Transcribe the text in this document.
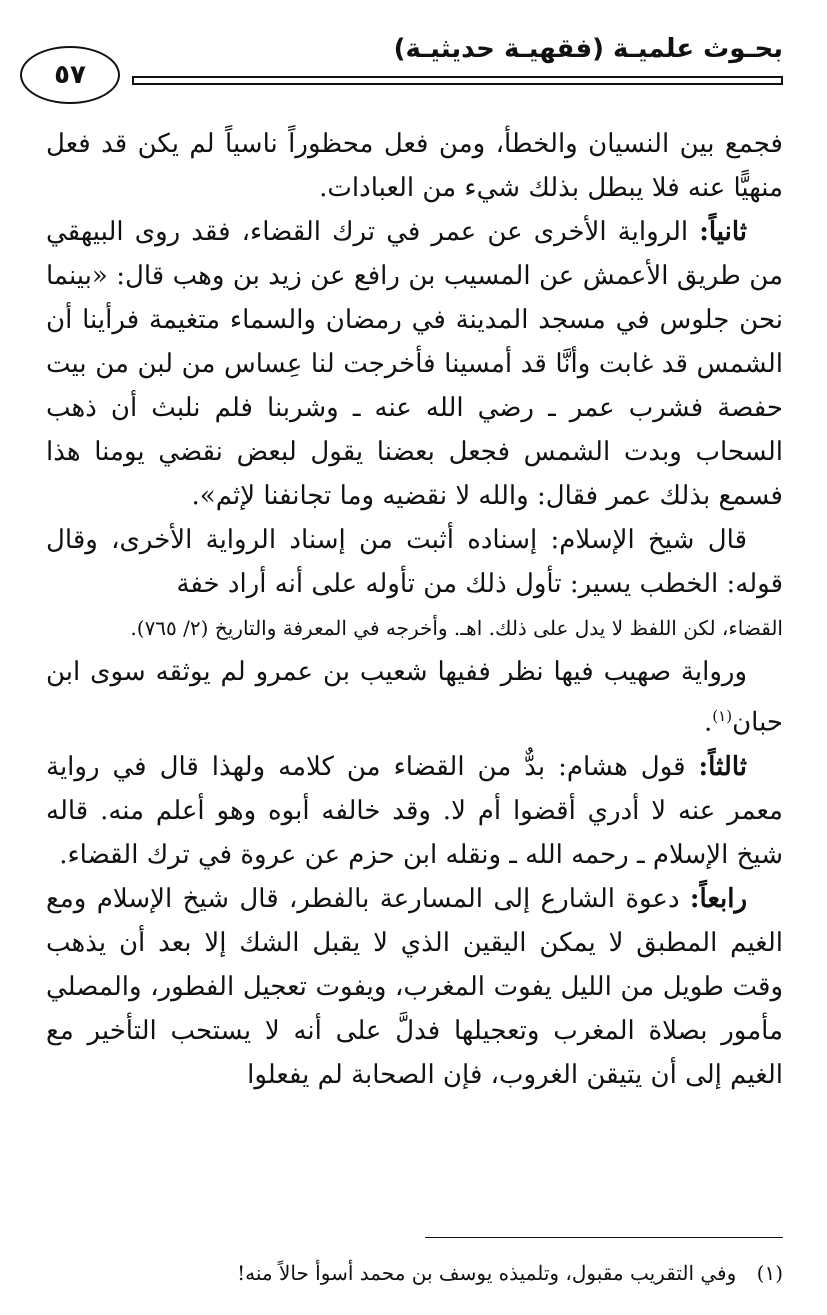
بحـوث علميـة (فقهيـة حديثيـة)
٥٧

فجمع بين النسيان والخطأ، ومن فعل محظوراً ناسياً لم يكن قد فعل منهيًّا عنه فلا يبطل بذلك شيء من العبادات.

ثانياً: الرواية الأخرى عن عمر في ترك القضاء، فقد روى البيهقي من طريق الأعمش عن المسيب بن رافع عن زيد بن وهب قال: «بينما نحن جلوس في مسجد المدينة في رمضان والسماء متغيمة فرأينا أن الشمس قد غابت وأنَّا قد أمسينا فأخرجت لنا عِساس من لبن من بيت حفصة فشرب عمر ـ رضي الله عنه ـ وشربنا فلم نلبث أن ذهب السحاب وبدت الشمس فجعل بعضنا يقول لبعض نقضي يومنا هذا فسمع بذلك عمر فقال: والله لا نقضيه وما تجانفنا لإثم».

قال شيخ الإسلام: إسناده أثبت من إسناد الرواية الأخرى، وقال قوله: الخطب يسير: تأول ذلك من تأوله على أنه أراد خفة

القضاء، لكن اللفظ لا يدل على ذلك. اهـ. وأخرجه في المعرفة والتاريخ (٢/ ٧٦٥).

ورواية صهيب فيها نظر ففيها شعيب بن عمرو لم يوثقه سوى ابن حبان$^{(١)}$.

ثالثاً: قول هشام: بدٌّ من القضاء من كلامه ولهذا قال في رواية معمر عنه لا أدري أقضوا أم لا. وقد خالفه أبوه وهو أعلم منه. قاله شيخ الإسلام ـ رحمه الله ـ ونقله ابن حزم عن عروة في ترك القضاء.

رابعاً: دعوة الشارع إلى المسارعة بالفطر، قال شيخ الإسلام ومع الغيم المطبق لا يمكن اليقين الذي لا يقبل الشك إلا بعد أن يذهب وقت طويل من الليل يفوت المغرب، ويفوت تعجيل الفطور، والمصلي مأمور بصلاة المغرب وتعجيلها فدلَّ على أنه لا يستحب التأخير مع الغيم إلى أن يتيقن الغروب، فإن الصحابة لم يفعلوا

(١) وفي التقريب مقبول، وتلميذه يوسف بن محمد أسوأ حالاً منه!
